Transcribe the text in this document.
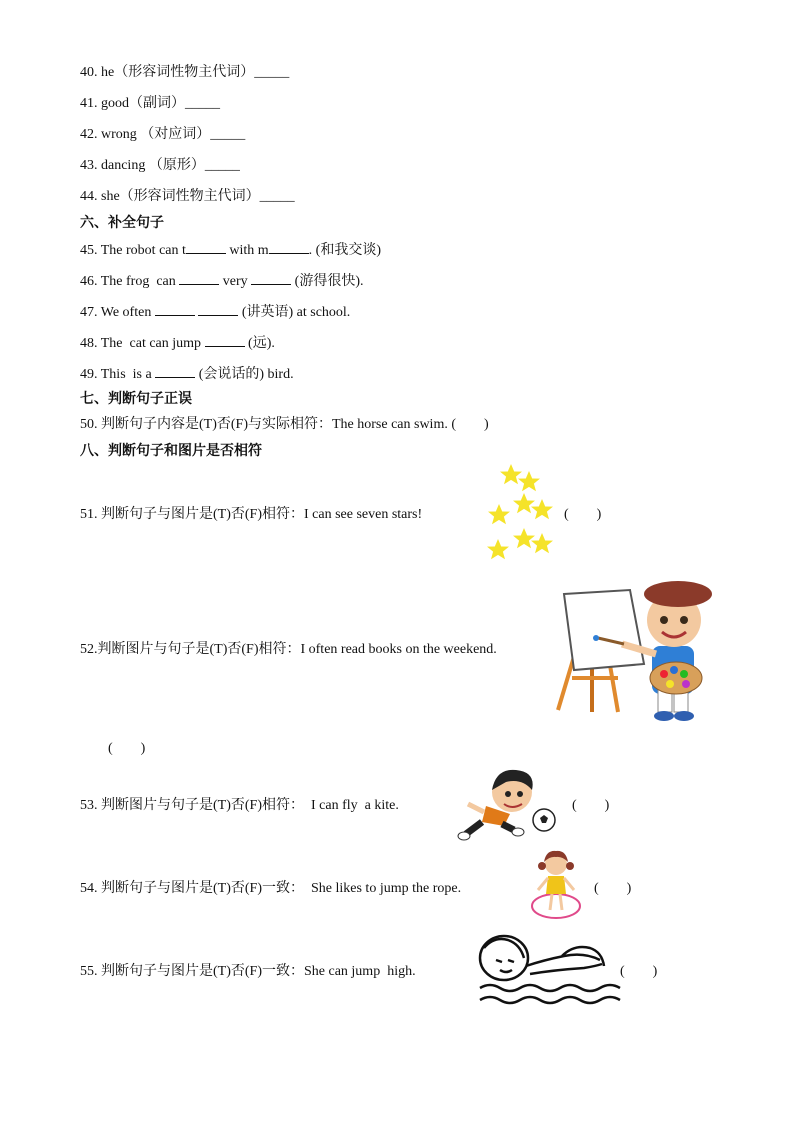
40. he（形容词性物主代词）_____
41. good（副词）_____
42. wrong （对应词）_____
43. dancing （原形）_____
44. she（形容词性物主代词）_____
六、补全句子
45. The robot can t	with m	. (和我交谈)
46. The frog  can	very	(游得很快).
47. We often	(讲英语) at school.
48. The  cat can jump	(远).
49. This  is a	(会说话的) bird.
七、判断句子正误
50. 判断句子内容是(T)否(F)与实际相符：The horse can swim. (        )
八、判断句子和图片是否相符
51. 判断句子与图片是(T)否(F)相符：I can see seven stars!	(        )
52.判断图片与句子是(T)否(F)相符：I often read books on the weekend.
(        )
53. 判断图片与句子是(T)否(F)相符：  I can fly  a kite.	(        )
54. 判断句子与图片是(T)否(F)一致：  She likes to jump the rope.	(        )
55. 判断句子与图片是(T)否(F)一致：She can jump  high.	(        )
